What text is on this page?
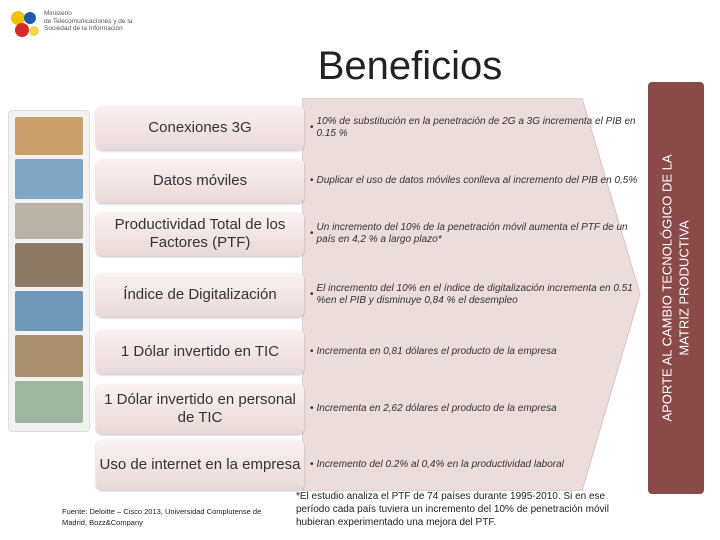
Ministerio
de Telecomunicaciones y de la
Sociedad de la Información
Beneficios
Conexiones 3G	•
10% de substitución en la penetración de 2G a 3G incrementa el PIB en 0.15 %
Datos móviles	• Duplicar el uso de datos móviles conlleva al incremento del PIB en 0,5%
Productividad Total de los Factores (PTF)
•
Un incremento del 10% de la penetración móvil aumenta el PTF de un país en 4,2 % a largo plazo*
Índice de Digitalización	•
El incremento del 10% en el índice de digitalización incrementa en 0.51 %en el PIB y disminuye 0,84 % el desempleo
1 Dólar invertido en TIC	• Incrementa en 0,81 dólares el producto de la empresa
1 Dólar invertido en personal de TIC
• Incrementa en 2,62 dólares el producto de la empresa
Uso de internet en la empresa • Incremento del 0.2% al 0,4% en la productividad laboral
APORTE AL CAMBIO TECNOLÓGICO DE LA MATRIZ PRODUCTIVA
Fuente: Deloitte – Cisco 2013, Universidad Complutense de Madrid, Bozz&Company
*El estudio analiza el PTF de 74 países durante 1995-2010. Si en ese período cada país tuviera un incremento del 10% de penetración móvil hubieran experimentado una mejora del PTF.
